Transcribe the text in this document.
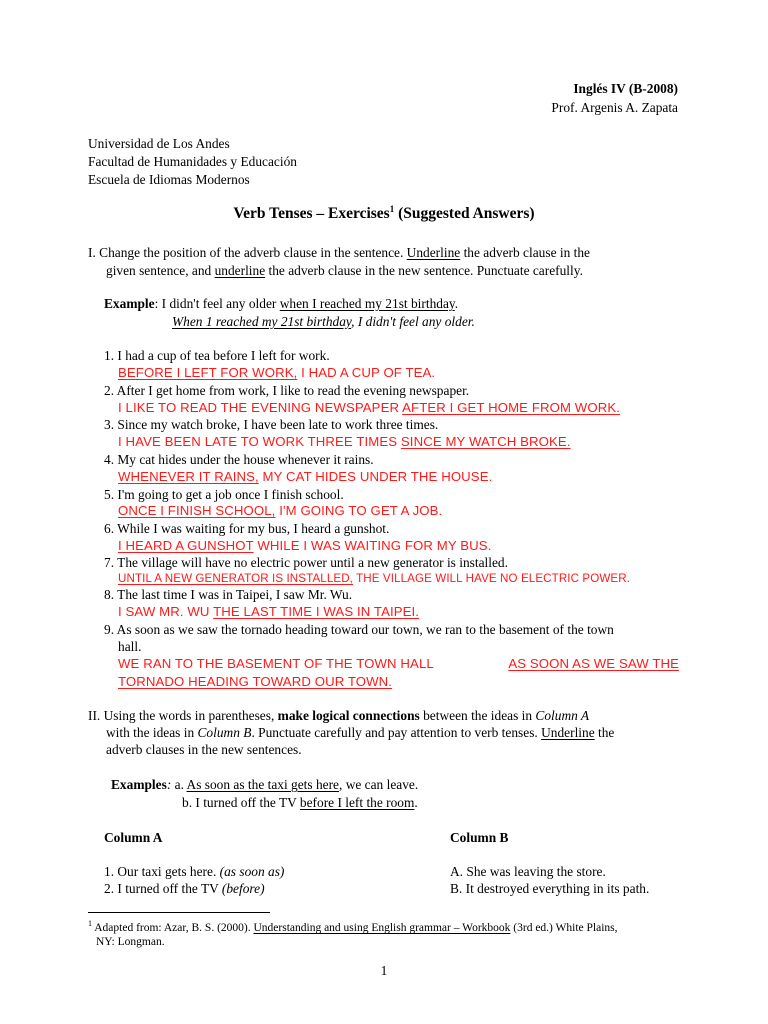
Inglés IV (B-2008)
Prof. Argenis A. Zapata
Universidad de Los Andes
Facultad de Humanidades y Educación
Escuela de Idiomas Modernos
Verb Tenses – Exercises$^1$ (Suggested Answers)
I. Change the position of the adverb clause in the sentence. Underline the adverb clause in the
given sentence, and underline the adverb clause in the new sentence. Punctuate carefully.
Example: I didn't feel any older when I reached my 21st birthday.
When 1 reached my 21st birthday, I didn't feel any older.
1. I had a cup of tea before I left for work.
BEFORE I LEFT FOR WORK, I HAD A CUP OF TEA.
2. After I get home from work, I like to read the evening newspaper.
I LIKE TO READ THE EVENING NEWSPAPER AFTER I GET HOME FROM WORK.
3. Since my watch broke, I have been late to work three times.
I HAVE BEEN LATE TO WORK THREE TIMES SINCE MY WATCH BROKE.
4. My cat hides under the house whenever it rains.
WHENEVER IT RAINS, MY CAT HIDES UNDER THE HOUSE.
5. I'm going to get a job once I finish school.
ONCE I FINISH SCHOOL, I'M GOING TO GET A JOB.
6. While I was waiting for my bus, I heard a gunshot.
I HEARD A GUNSHOT WHILE I WAS WAITING FOR MY BUS.
7. The village will have no electric power until a new generator is installed.
UNTIL A NEW GENERATOR IS INSTALLED, THE VILLAGE WILL HAVE NO ELECTRIC POWER.
8. The last time I was in Taipei, I saw Mr. Wu.
I SAW MR. WU THE LAST TIME I WAS IN TAIPEI.
9. As soon as we saw the tornado heading toward our town, we ran to the basement of the town
hall.
WE RAN TO THE BASEMENT OF THE TOWN HALL	AS SOON AS WE SAW THE
TORNADO HEADING TOWARD OUR TOWN.
II. Using the words in parentheses, make logical connections between the ideas in Column A
with the ideas in Column B. Punctuate carefully and pay attention to verb tenses. Underline the
adverb clauses in the new sentences.
Examples: a. As soon as the taxi gets here, we can leave.
b. I turned off the TV before I left the room.
Column A	Column B
1. Our taxi gets here. (as soon as)
2. I turned off the TV (before)
A. She was leaving the store.
B. It destroyed everything in its path.
$^1$ Adapted from: Azar, B. S. (2000). Understanding and using English grammar – Workbook (3rd ed.) White Plains,
NY: Longman.
1
